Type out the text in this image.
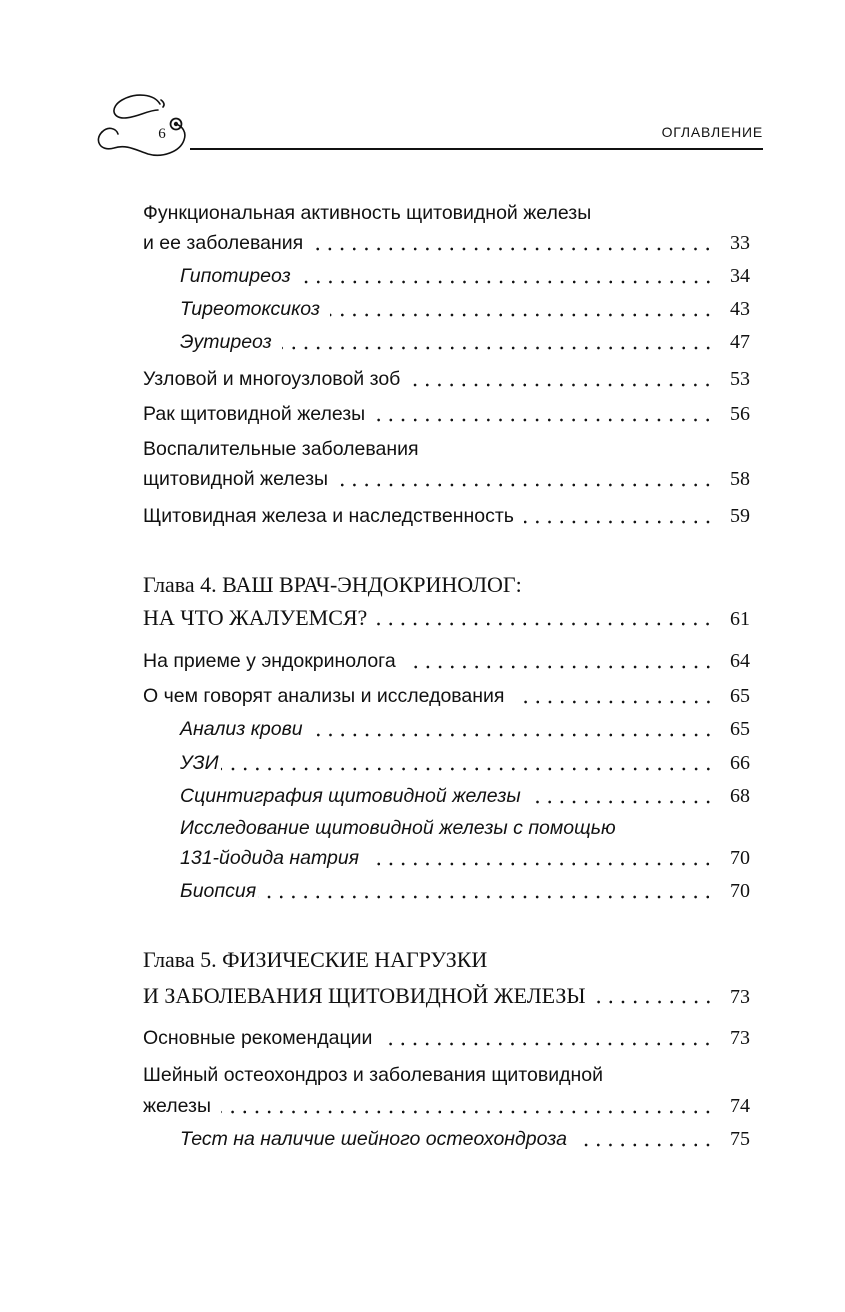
6	ОГЛАВЛЕНИЕ
Функциональная активность щитовидной железы
и ее заболевания	33
Гипотиреоз	34
Тиреотоксикоз	43
Эутиреоз	47
Узловой и многоузловой зоб	53
Рак щитовидной железы	56
Воспалительные заболевания
щитовидной железы	58
Щитовидная железа и наследственность	59
Глава 4. ВАШ ВРАЧ-ЭНДОКРИНОЛОГ:
НА ЧТО ЖАЛУЕМСЯ?	61
На приеме у эндокринолога	64
О чем говорят анализы и исследования	65
Анализ крови	65
УЗИ	66
Сцинтиграфия щитовидной железы	68
Исследование щитовидной железы с помощью
131-йодида натрия	70
Биопсия	70
Глава 5. ФИЗИЧЕСКИЕ НАГРУЗКИ
И ЗАБОЛЕВАНИЯ ЩИТОВИДНОЙ ЖЕЛЕЗЫ	73
Основные рекомендации	73
Шейный остеохондроз и заболевания щитовидной
железы	74
Тест на наличие шейного остеохондроза	75
